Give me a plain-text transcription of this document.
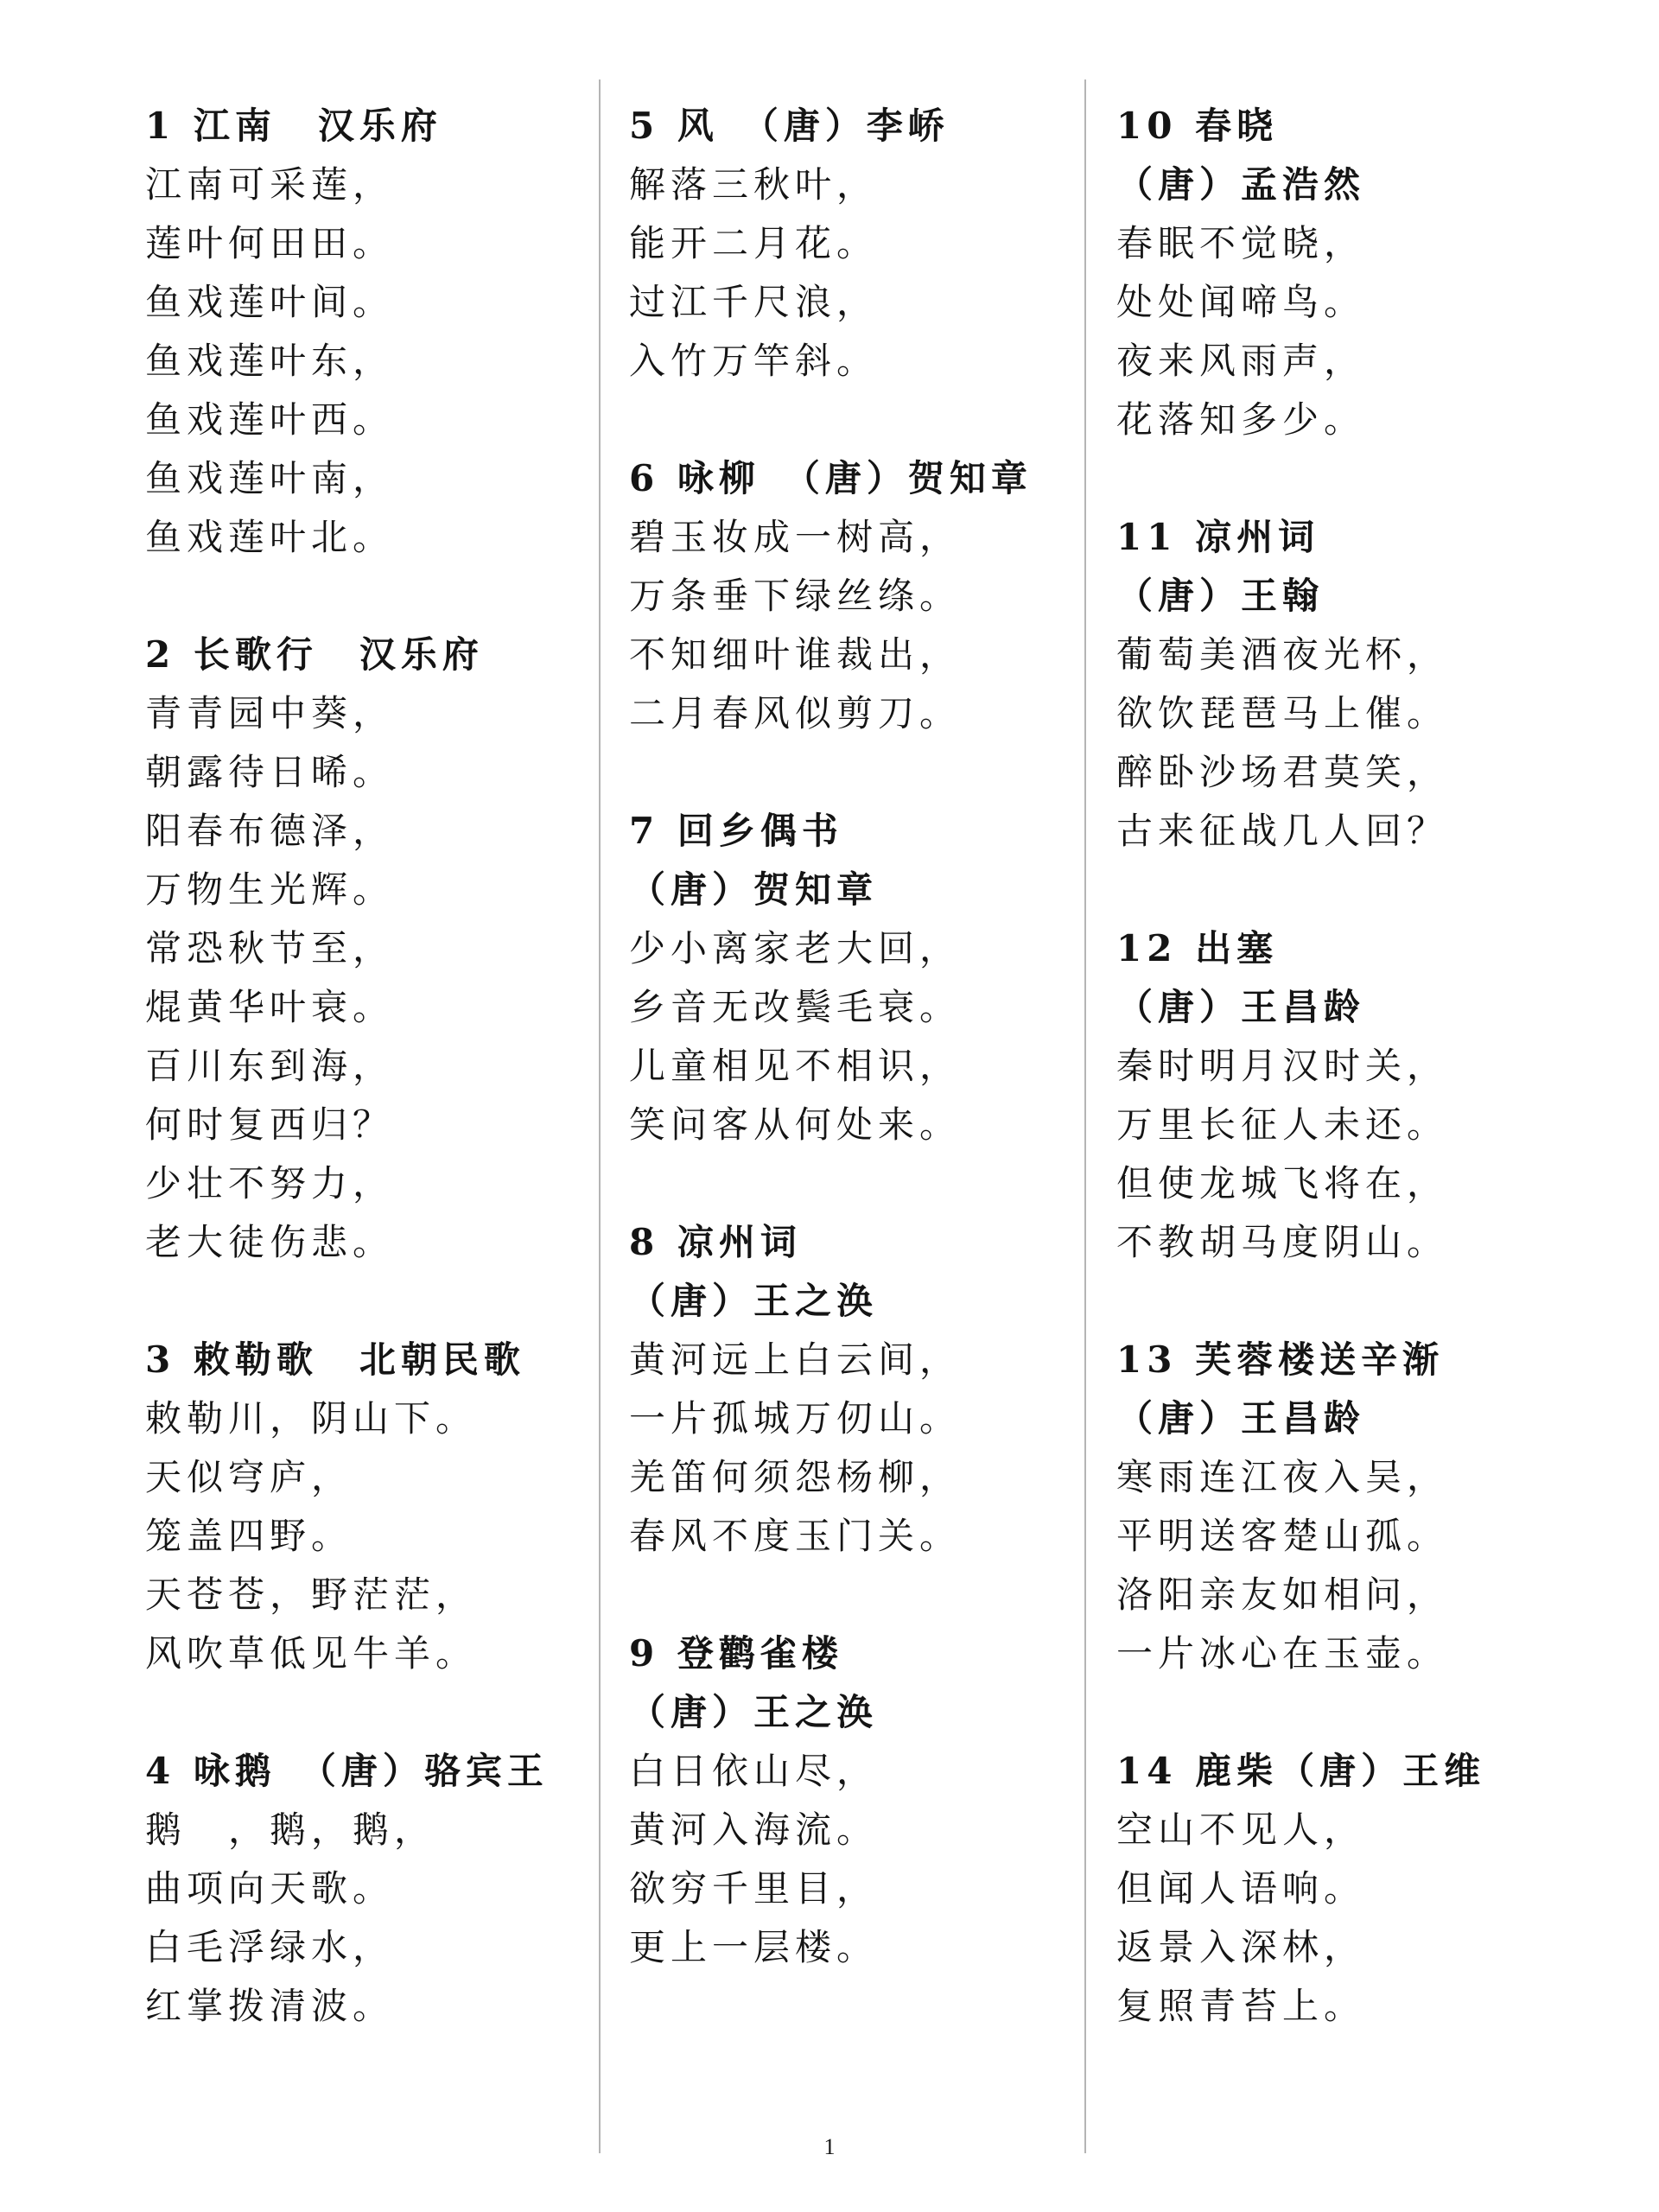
1 江南　汉乐府
江南可采莲，
莲叶何田田。
鱼戏莲叶间。
鱼戏莲叶东，
鱼戏莲叶西。
鱼戏莲叶南，
鱼戏莲叶北。
2 长歌行　汉乐府
青青园中葵，
朝露待日晞。
阳春布德泽，
万物生光辉。
常恐秋节至，
焜黄华叶衰。
百川东到海，
何时复西归？
少壮不努力，
老大徒伤悲。
3 敕勒歌　北朝民歌
敕勒川，阴山下。
天似穹庐，
笼盖四野。
天苍苍，野茫茫，
风吹草低见牛羊。
4 咏鹅　（唐）骆宾王
鹅　，鹅，鹅，
曲项向天歌。
白毛浮绿水，
红掌拨清波。
5 风　（唐）李峤
解落三秋叶，
能开二月花。
过江千尺浪，
入竹万竿斜。
6 咏柳　（唐）贺知章
碧玉妆成一树高，
万条垂下绿丝绦。
不知细叶谁裁出，
二月春风似剪刀。
7 回乡偶书
（唐）贺知章
少小离家老大回，
乡音无改鬓毛衰。
儿童相见不相识，
笑问客从何处来。
8 凉州词
（唐）王之涣
黄河远上白云间，
一片孤城万仞山。
羌笛何须怨杨柳，
春风不度玉门关。
9 登鹳雀楼
（唐）王之涣
白日依山尽，
黄河入海流。
欲穷千里目，
更上一层楼。
10 春晓
（唐）孟浩然
春眠不觉晓，
处处闻啼鸟。
夜来风雨声，
花落知多少。
11 凉州词
（唐）王翰
葡萄美酒夜光杯，
欲饮琵琶马上催。
醉卧沙场君莫笑，
古来征战几人回？
12 出塞
（唐）王昌龄
秦时明月汉时关，
万里长征人未还。
但使龙城飞将在，
不教胡马度阴山。
13 芙蓉楼送辛渐
（唐）王昌龄
寒雨连江夜入吴，
平明送客楚山孤。
洛阳亲友如相问，
一片冰心在玉壶。
14 鹿柴（唐）王维
空山不见人，
但闻人语响。
返景入深林，
复照青苔上。
1
